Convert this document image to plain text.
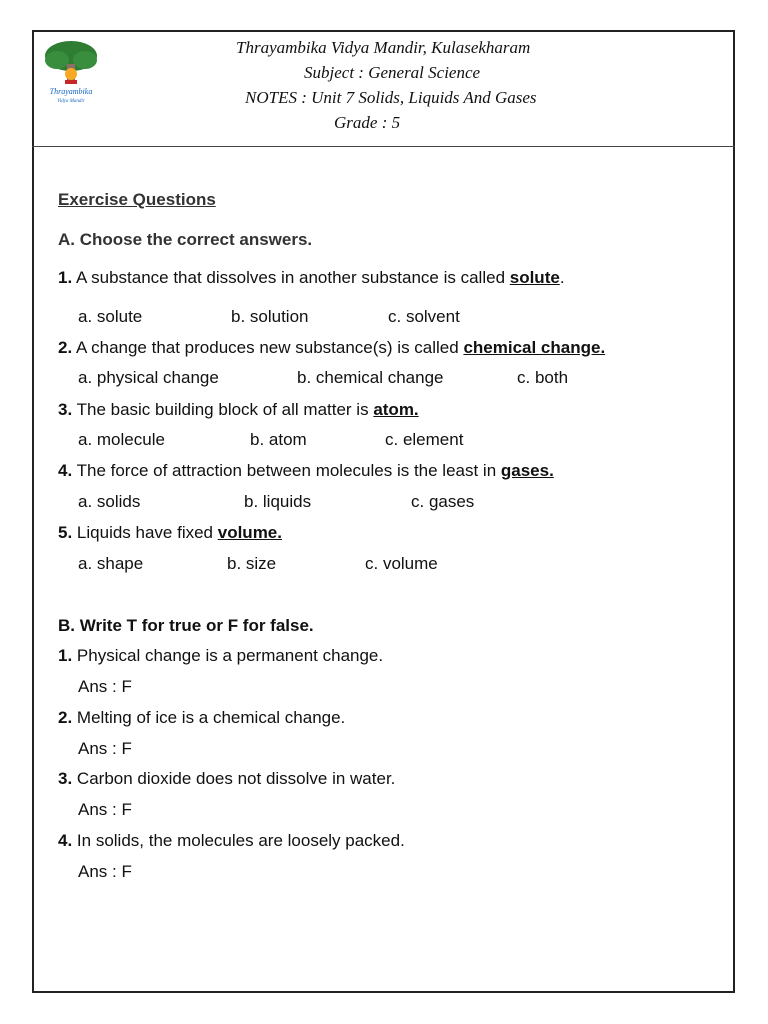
Thrayambika
Vidya Mandir
Thrayambika Vidya Mandir, Kulasekharam
Subject : General Science
NOTES : Unit 7 Solids, Liquids And Gases
Grade : 5
Exercise Questions
A. Choose the correct answers.
1. A substance that dissolves in another substance is called solute.
a. solute	b. solution	c. solvent
2. A change that produces new substance(s) is called chemical change.
a. physical change	b. chemical change	c. both
3. The basic building block of all matter is atom.
a. molecule	b. atom	c. element
4. The force of attraction between molecules is the least in gases.
a. solids	b. liquids	c. gases
5. Liquids have fixed volume.
a. shape	b. size	c. volume
B. Write T for true or F for false.
1. Physical change is a permanent change.
Ans : F
2. Melting of ice is a chemical change.
Ans : F
3. Carbon dioxide does not dissolve in water.
Ans : F
4. In solids, the molecules are loosely packed.
Ans : F
